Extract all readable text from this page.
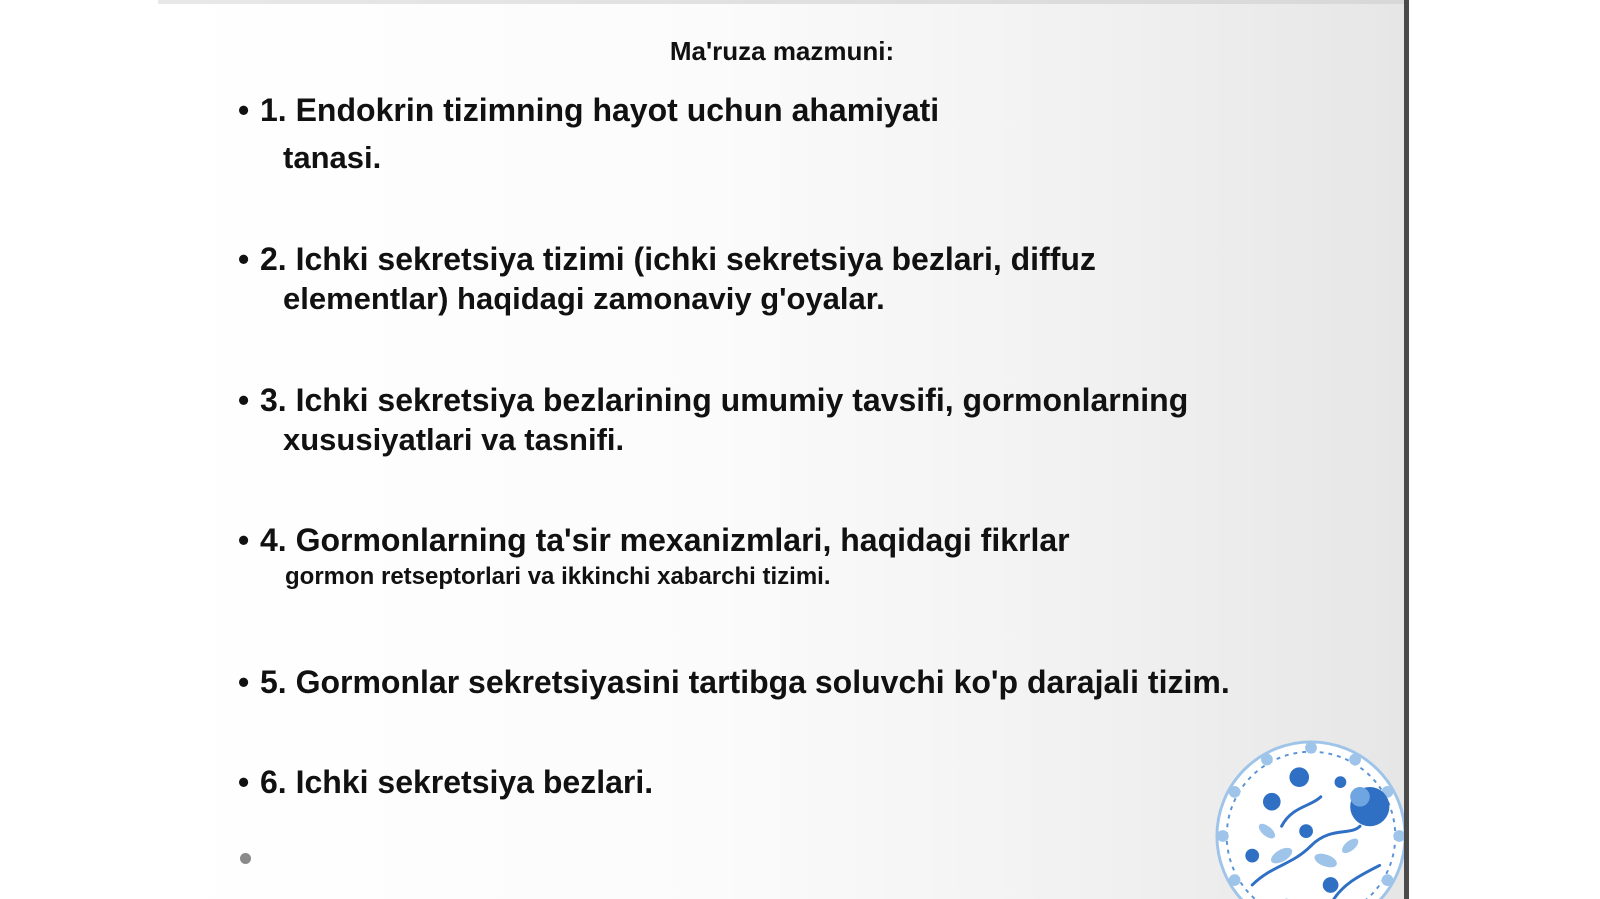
Ma'ruza mazmuni:
• 1. Endokrin tizimning hayot uchun ahamiyati
tanasi.
• 2. Ichki sekretsiya tizimi (ichki sekretsiya bezlari, diffuz
elementlar) haqidagi zamonaviy g'oyalar.
• 3. Ichki sekretsiya bezlarining umumiy tavsifi, gormonlarning
xususiyatlari va tasnifi.
• 4. Gormonlarning ta'sir mexanizmlari, haqidagi fikrlar
gormon retseptorlari va ikkinchi xabarchi tizimi.
• 5. Gormonlar sekretsiyasini tartibga soluvchi ko'p darajali tizim.
• 6. Ichki sekretsiya bezlari.
